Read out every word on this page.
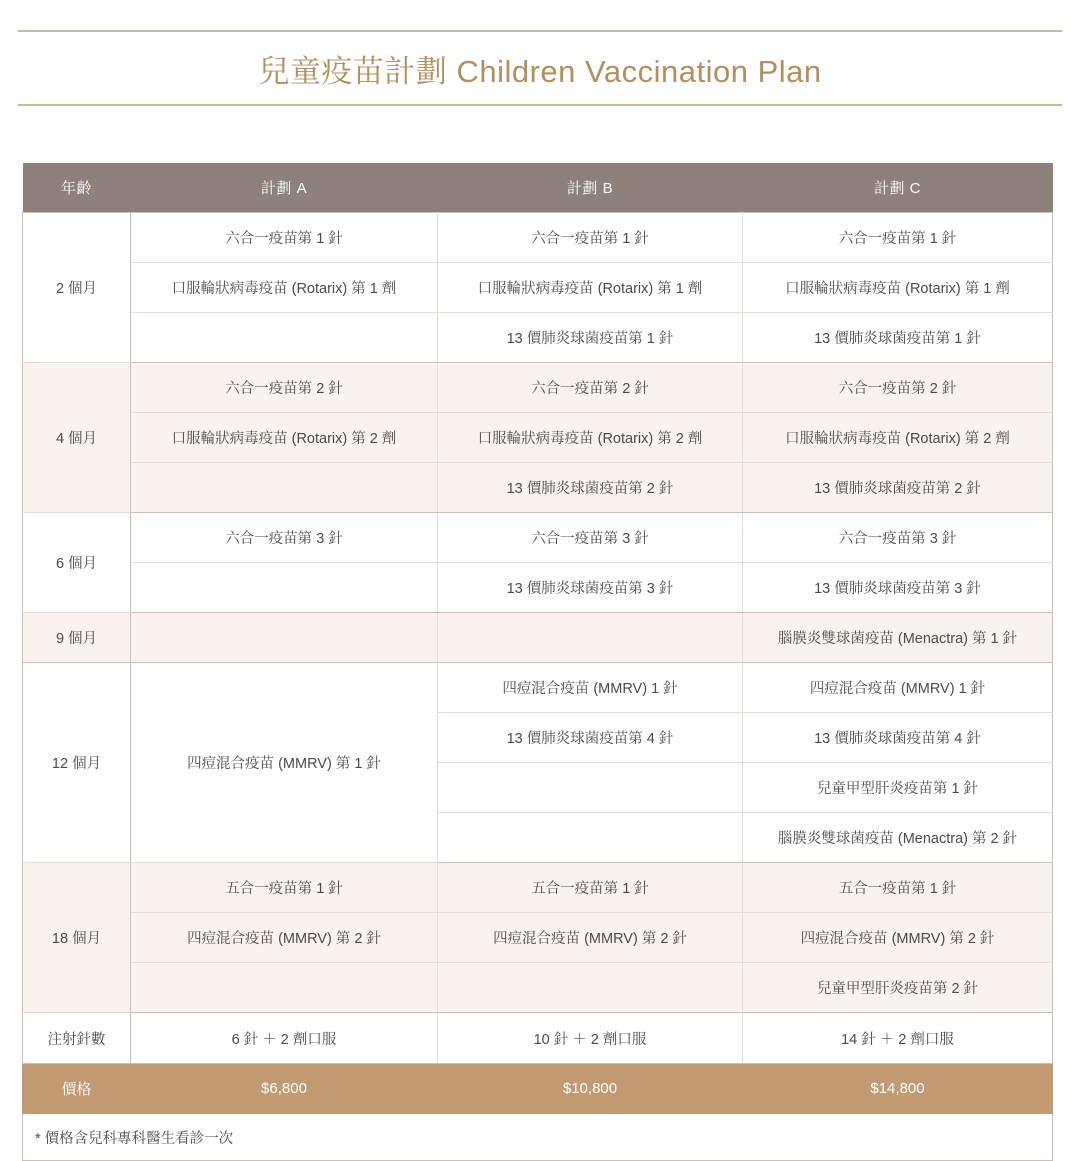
兒童疫苗計劃 Children Vaccination Plan
年齡	計劃 A	計劃 B	計劃 C
2 個月	六合一疫苗第 1 針	六合一疫苗第 1 針	六合一疫苗第 1 針
	口服輪狀病毒疫苗 (Rotarix) 第 1 劑	口服輪狀病毒疫苗 (Rotarix) 第 1 劑	口服輪狀病毒疫苗 (Rotarix) 第 1 劑
		13 價肺炎球菌疫苗第 1 針	13 價肺炎球菌疫苗第 1 針
4 個月	六合一疫苗第 2 針	六合一疫苗第 2 針	六合一疫苗第 2 針
	口服輪狀病毒疫苗 (Rotarix) 第 2 劑	口服輪狀病毒疫苗 (Rotarix) 第 2 劑	口服輪狀病毒疫苗 (Rotarix) 第 2 劑
		13 價肺炎球菌疫苗第 2 針	13 價肺炎球菌疫苗第 2 針
6 個月	六合一疫苗第 3 針	六合一疫苗第 3 針	六合一疫苗第 3 針
		13 價肺炎球菌疫苗第 3 針	13 價肺炎球菌疫苗第 3 針
9 個月			腦膜炎雙球菌疫苗 (Menactra) 第 1 針
12 個月	四痘混合疫苗 (MMRV) 第 1 針	四痘混合疫苗 (MMRV) 1 針	四痘混合疫苗 (MMRV) 1 針
		13 價肺炎球菌疫苗第 4 針	13 價肺炎球菌疫苗第 4 針
			兒童甲型肝炎疫苗第 1 針
			腦膜炎雙球菌疫苗 (Menactra) 第 2 針
18 個月	五合一疫苗第 1 針	五合一疫苗第 1 針	五合一疫苗第 1 針
	四痘混合疫苗 (MMRV) 第 2 針	四痘混合疫苗 (MMRV) 第 2 針	四痘混合疫苗 (MMRV) 第 2 針
			兒童甲型肝炎疫苗第 2 針
注射針數	6 針 ＋ 2 劑口服	10 針 ＋ 2 劑口服	14 針 ＋ 2 劑口服
價格	$6,800	$10,800	$14,800
* 價格含兒科專科醫生看診一次			
